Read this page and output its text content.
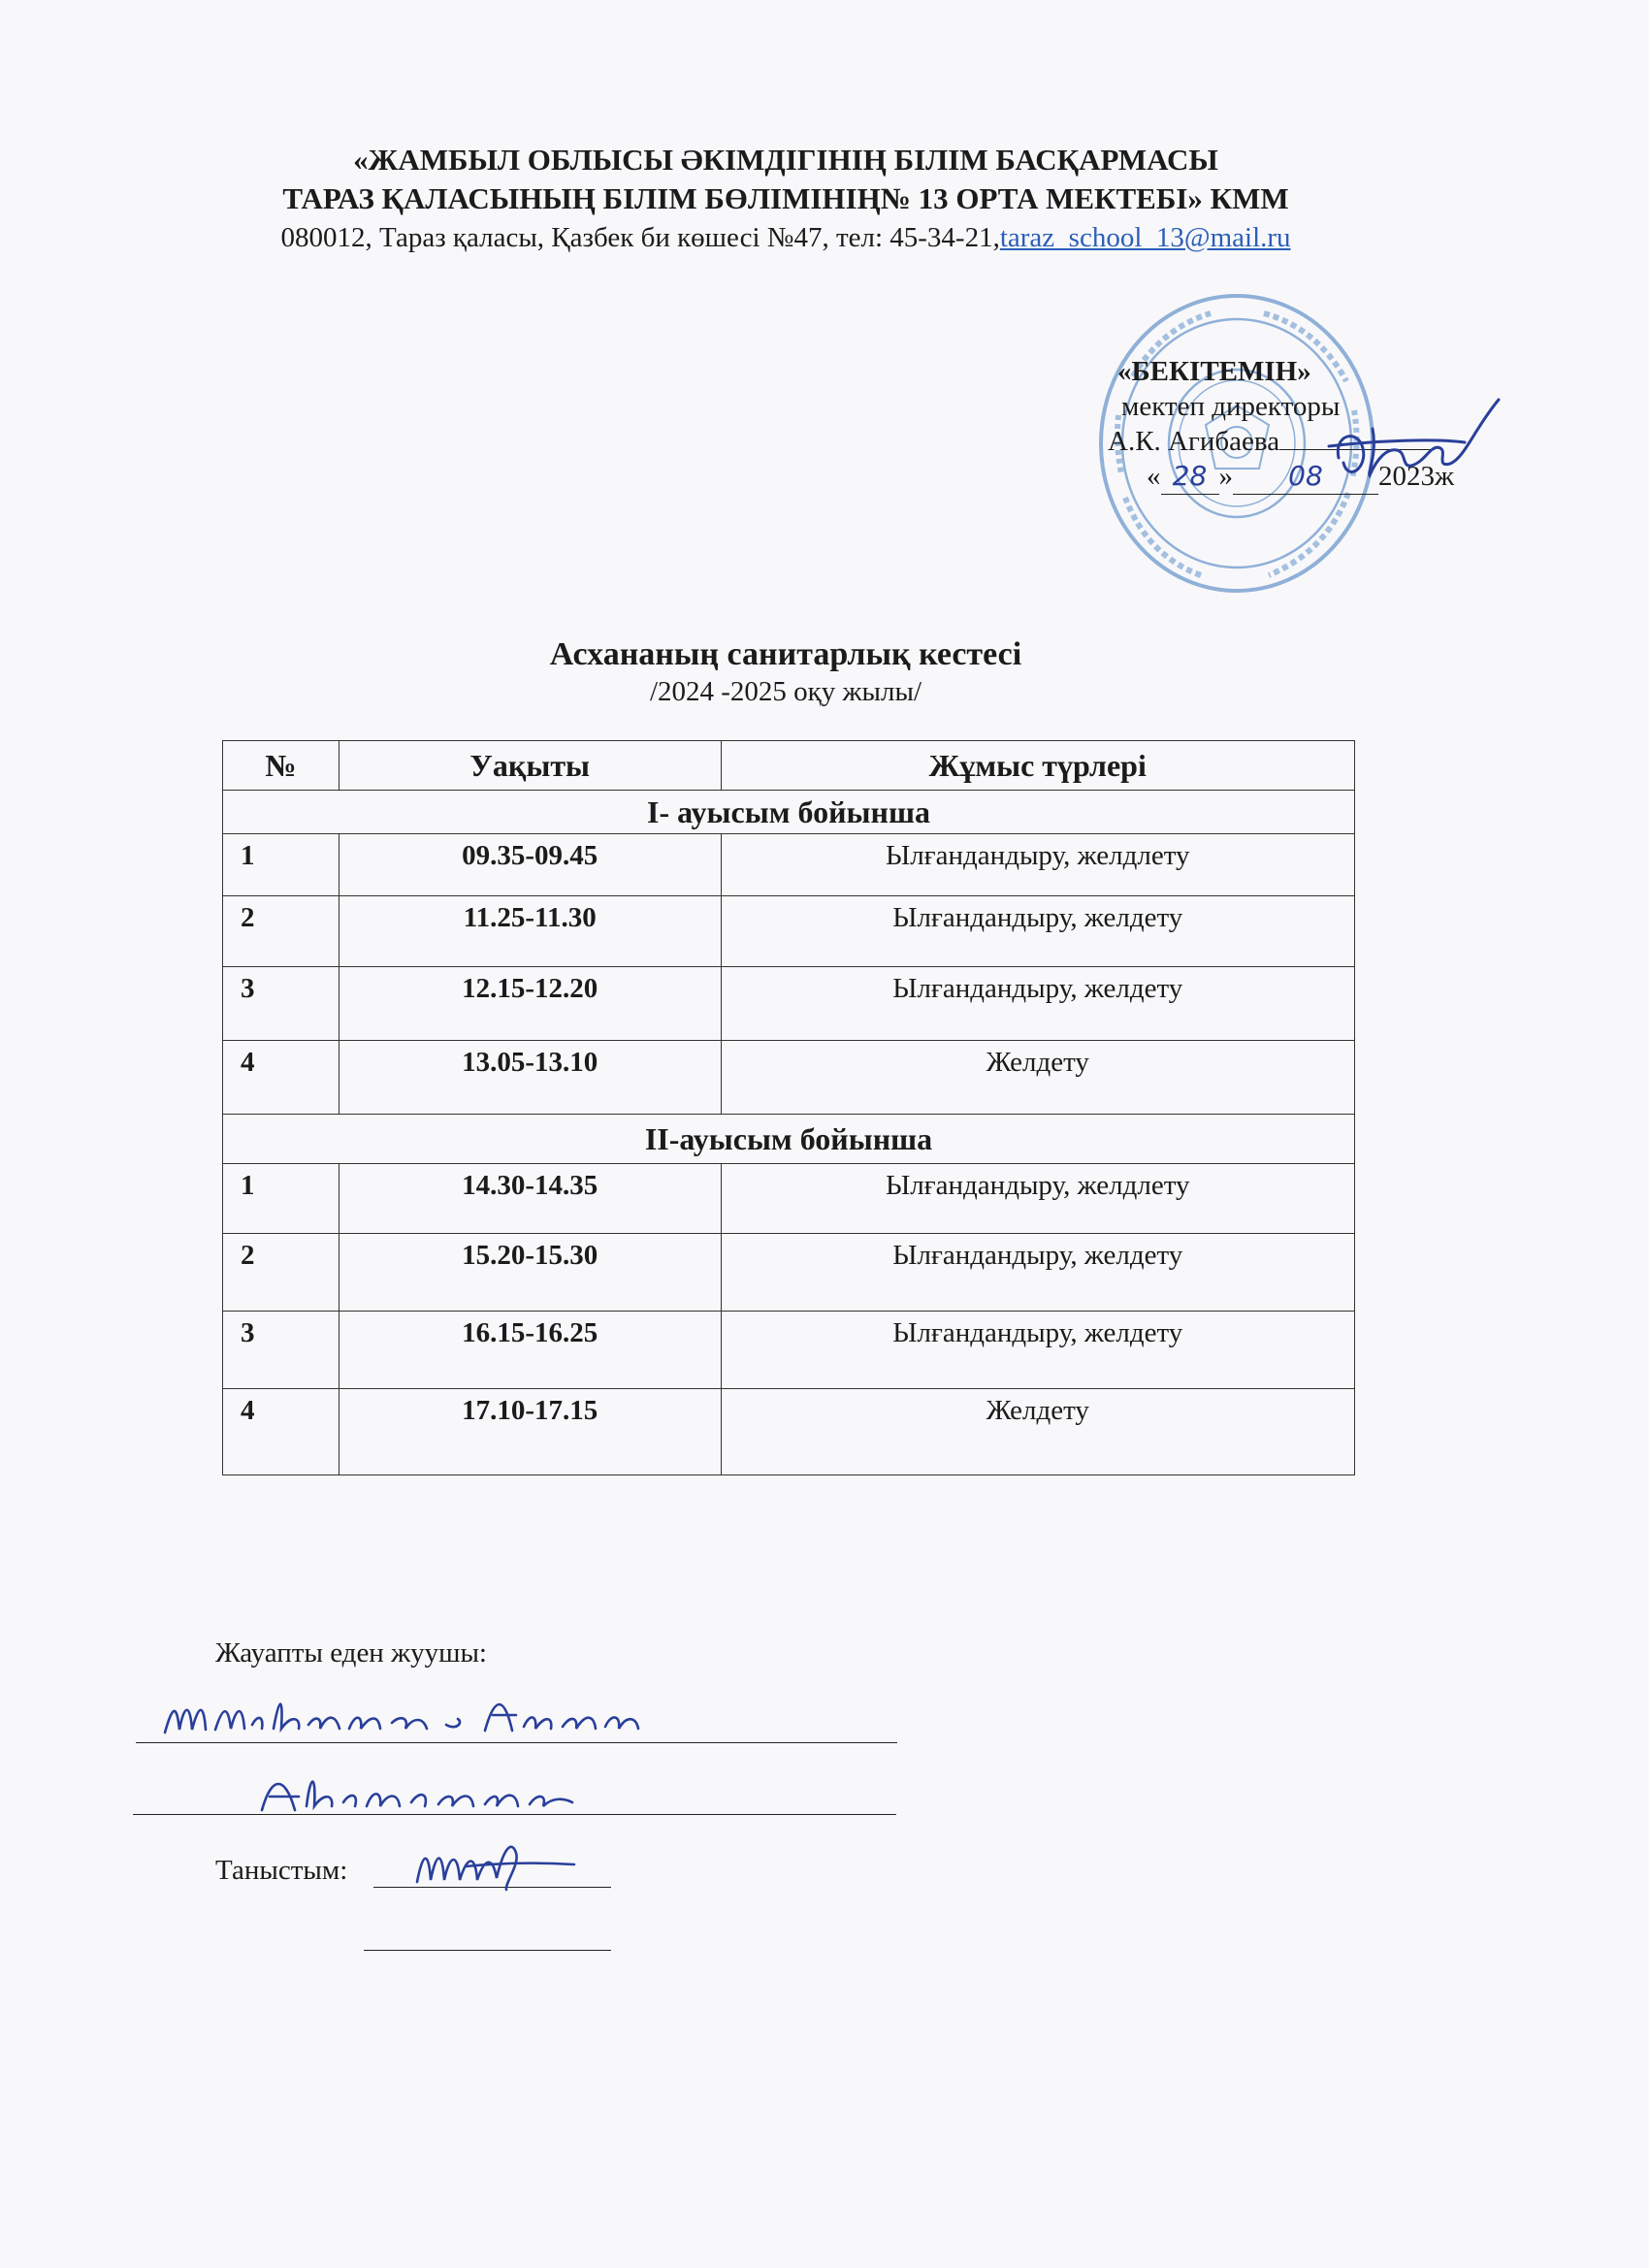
«ЖАМБЫЛ ОБЛЫСЫ ӘКІМДІГІНІҢ БІЛІМ БАСҚАРМАСЫ
ТАРАЗ ҚАЛАСЫНЫҢ БІЛІМ БӨЛІМІНІҢ№ 13 ОРТА МЕКТЕБІ» КММ
080012, Тараз қаласы, Қазбек би көшесі №47, тел: 45-34-21,taraz_school_13@mail.ru
«БЕКІТЕМІН»
мектеп директоры
А.К. Агибаева
« 28 » 08 2023ж
Асхананың санитарлық кестесі
/2024 -2025 оқу жылы/
№	Уақыты	Жұмыс түрлері
I- ауысым бойынша		
1	09.35-09.45	Ылғандандыру, желдлету
2	11.25-11.30	Ылғандандыру, желдету
3	12.15-12.20	Ылғандандыру, желдету
4	13.05-13.10	Желдету
II-ауысым бойынша		
1	14.30-14.35	Ылғандандыру, желдлету
2	15.20-15.30	Ылғандандыру, желдету
3	16.15-16.25	Ылғандандыру, желдету
4	17.10-17.15	Желдету
Жауапты еден жуушы:
Таныстым:
